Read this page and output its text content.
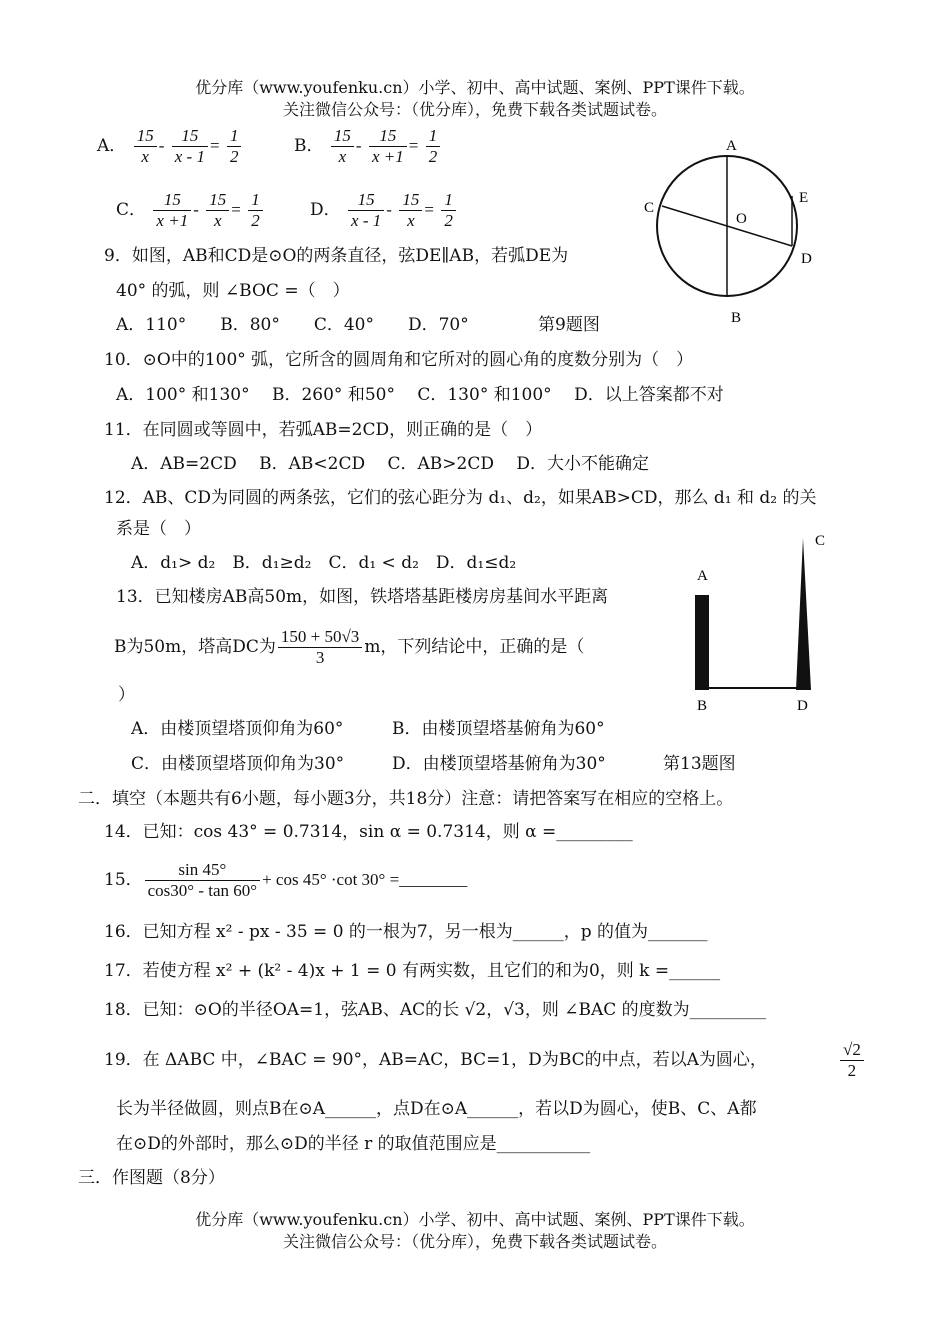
优分库（www.youfenku.cn）小学、初中、高中试题、案例、PPT课件下载。
关注微信公众号：（优分库），免费下载各类试题试卷。
A． $\frac{15}{x} - \frac{15}{x - 1} = \frac{1}{2}$	B． $\frac{15}{x} - \frac{15}{x +1} = \frac{1}{2}$
C． $\frac{15}{x +1} - \frac{15}{x} = \frac{1}{2}$	D． $\frac{15}{x - 1} - \frac{15}{x} = \frac{1}{2}$
A
B
C
D
E
O
9．如图，AB和CD是⊙O的两条直径，弦DE∥AB，若弧DE为
40° 的弧，则 ∠BOC =（　）
A．110°　　B．80°　　C．40°　　D．70°	第9题图
10．⊙O中的100° 弧，它所含的圆周角和它所对的圆心角的度数分别为（　）
A．100° 和130°　 B．260° 和50°　 C．130° 和100°　 D．以上答案都不对
11．在同圆或等圆中，若弧AB=2CD，则正确的是（　）
A．AB=2CD　 B．AB<2CD　 C．AB>2CD　 D．大小不能确定
12．AB、CD为同圆的两条弦，它们的弦心距分为 d₁、d₂，如果AB>CD，那么 d₁ 和 d₂ 的关
系是（　）
A．d₁> d₂　B．d₁≥d₂　C．d₁ < d₂　D．d₁≤d₂
A
B
C
D
13．已知楼房AB高50m，如图，铁塔塔基距楼房房基间水平距离
B为50m，塔高DC为 $\frac{150 + 50√3}{3}$ m，下列结论中，正确的是（
）
A．由楼顶望塔顶仰角为60°	B．由楼顶望塔基俯角为60°
C．由楼顶望塔顶仰角为30°	D．由楼顶望塔基俯角为30°	第13题图
二．填空（本题共有6小题，每小题3分，共18分）注意：请把答案写在相应的空格上。
14．已知：cos 43° = 0.7314，sin α = 0.7314，则 α =_________
15． $\frac{\sin 45^\circ}{\cos 30^\circ - \tan 60^\circ} + \cos 45^\circ \cdot\cot$ 30° =________
16．已知方程 x² - px - 35 = 0 的一根为7，另一根为______，p 的值为_______
17．若使方程 x² + (k² - 4)x + 1 = 0 有两实数，且它们的和为0，则 k =______
18．已知：⊙O的半径OA=1，弦AB、AC的长 √2，√3，则 ∠BAC 的度数为_________
19．在 ΔABC 中，∠BAC = 90°，AB=AC，BC=1，D为BC的中点，若以A为圆心，	$\frac{√2}{2}$
长为半径做圆，则点B在⊙A______，点D在⊙A______，若以D为圆心，使B、C、A都
在⊙D的外部时，那么⊙D的半径 r 的取值范围应是___________
三．作图题（8分）
优分库（www.youfenku.cn）小学、初中、高中试题、案例、PPT课件下载。
关注微信公众号：（优分库），免费下载各类试题试卷。
